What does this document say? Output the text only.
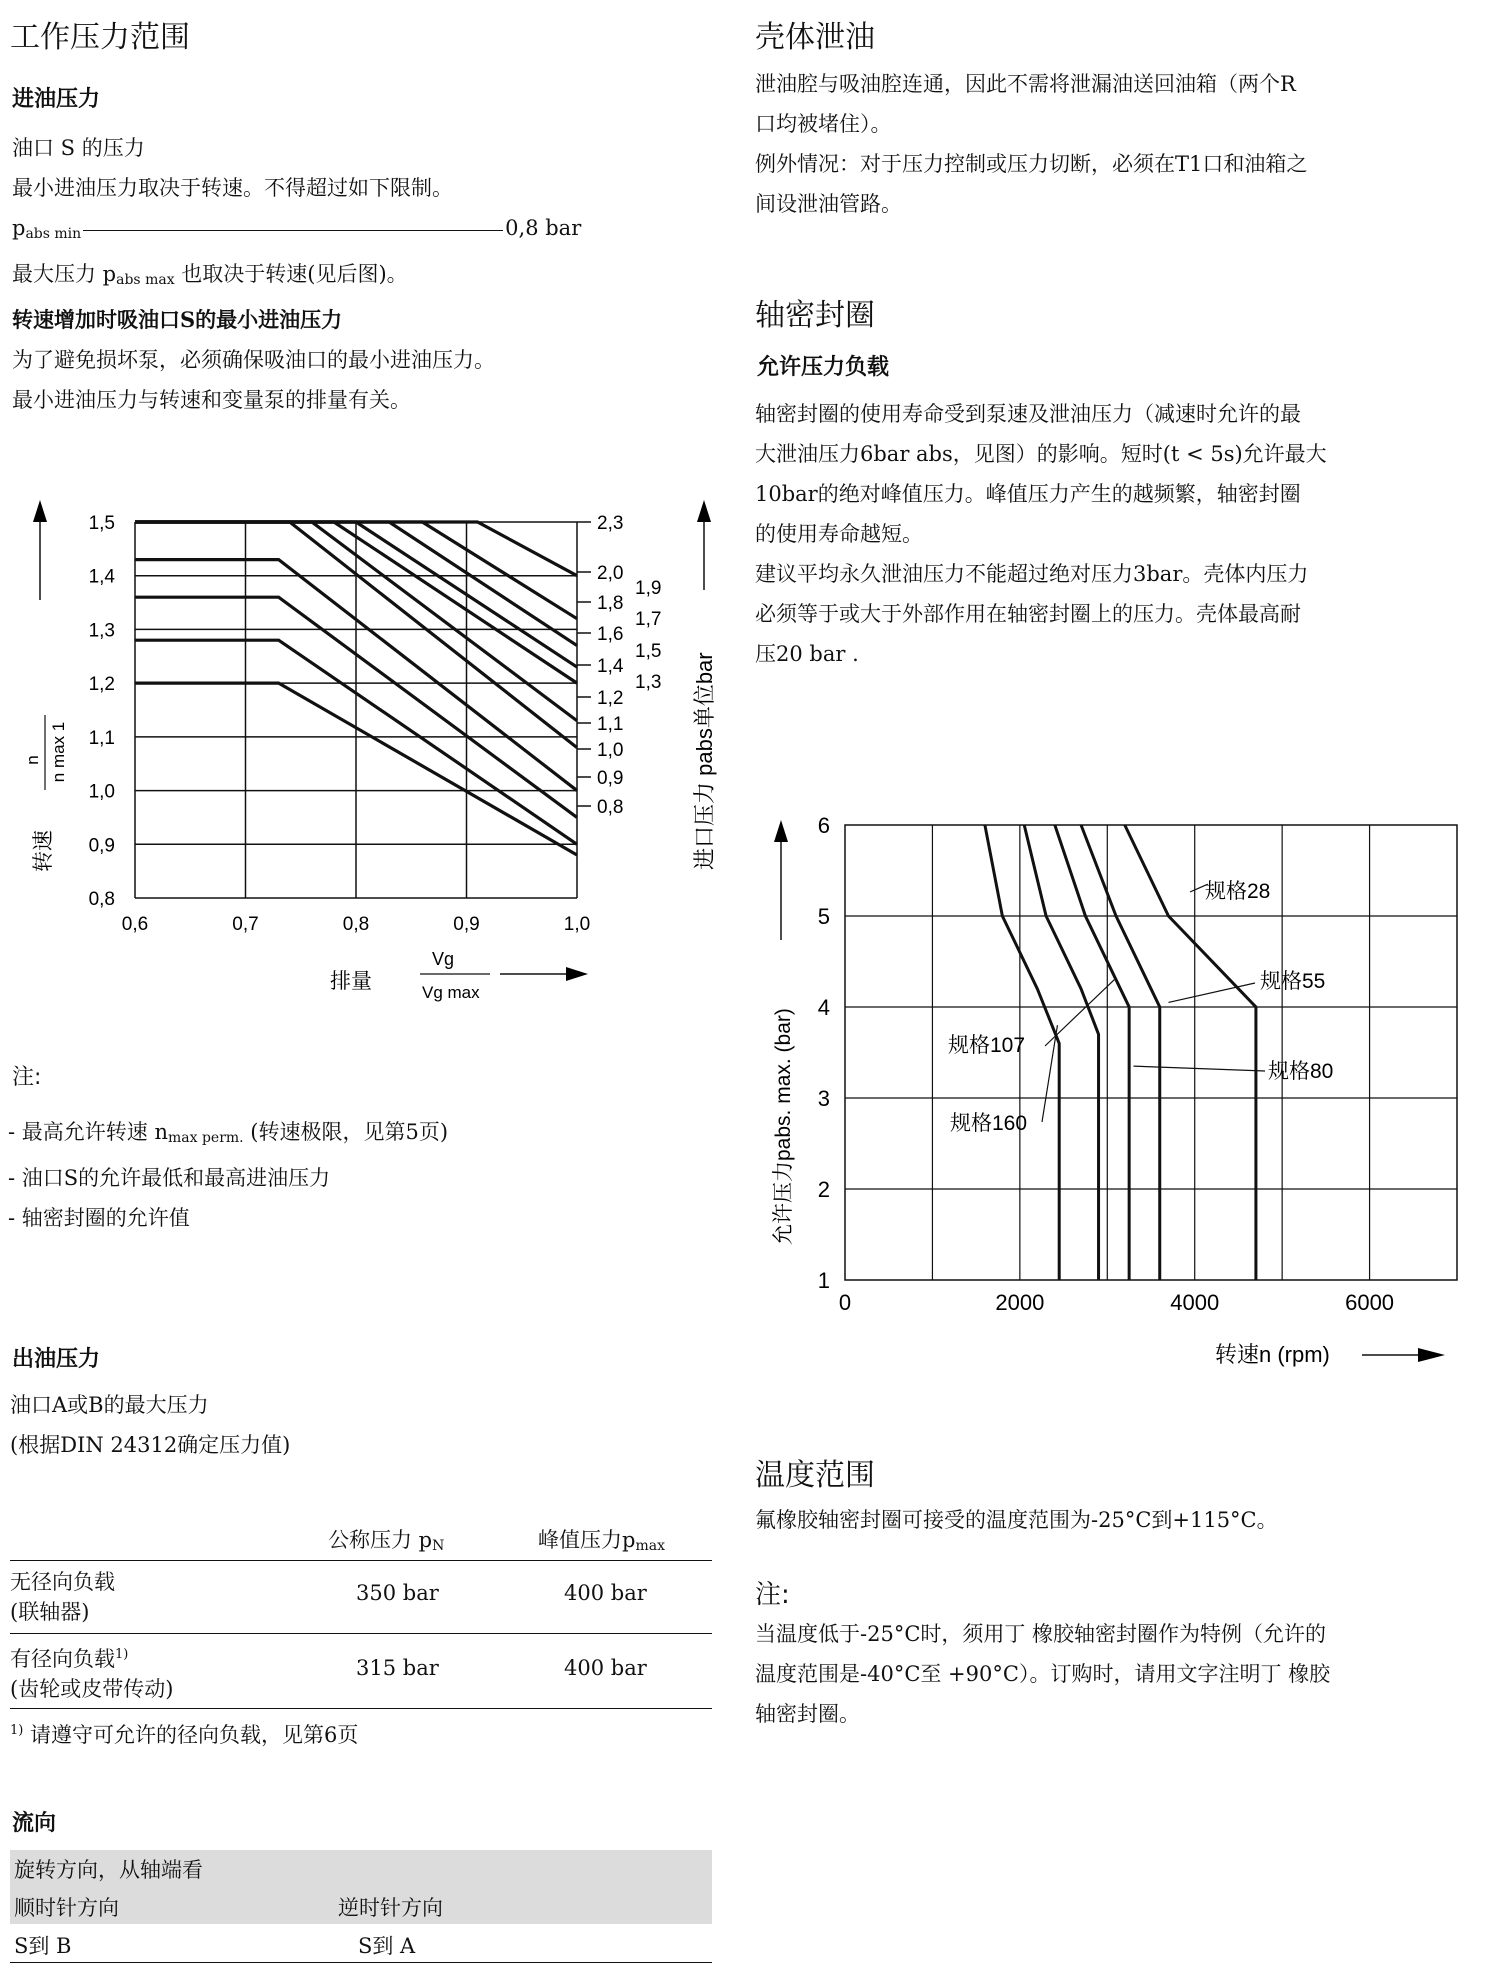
工作压力范围
进油压力
油口 S 的压力
最小进油压力取决于转速。不得超过如下限制。
$p_{abs min}$	0,8 bar
最大压力 $p_{abs max}$ 也取决于转速(见后图)。
转速增加时吸油口S的最小进油压力
为了避免损坏泵，必须确保吸油口的最小进油压力。
最小进油压力与转速和变量泵的排量有关。
0,6	0,7	0,8	0,9	1,0
0,8
0,9
1,0
1,1
1,2
1,3
1,4
1,5	2,3
2,0
1,8
1,6
1,4
1,2
1,1
1,0
0,9
0,8
1,9
1,7
1,5
1,3
转速
n n max 1	进口压力 pabs单位bar
排量
Vg
Vg max
注:
- 最高允许转速 $n_{max perm.}$ (转速极限，见第5页)
- 油口S的允许最低和最高进油压力
- 轴密封圈的允许值
出油压力
油口A或B的最大压力
(根据DIN 24312确定压力值)
公称压力 $p_N$	峰值压力$p_{max}$
无径向负载
(联轴器)
350 bar	400 bar
有径向负载$^{1)}$
(齿轮或皮带传动)
315 bar	400 bar
$^{1)}$ 请遵守可允许的径向负载，见第6页
流向
旋转方向，从轴端看
顺时针方向	逆时针方向
S到 B	S到 A
壳体泄油
泄油腔与吸油腔连通，因此不需将泄漏油送回油箱（两个R
口均被堵住）。
例外情况：对于压力控制或压力切断，必须在T1口和油箱之
间设泄油管路。
轴密封圈
允许压力负载
轴密封圈的使用寿命受到泵速及泄油压力（减速时允许的最
大泄油压力6bar abs，见图）的影响。短时(t < 5s)允许最大
10bar的绝对峰值压力。峰值压力产生的越频繁，轴密封圈
的使用寿命越短。
建议平均永久泄油压力不能超过绝对压力3bar。壳体内压力
必须等于或大于外部作用在轴密封圈上的压力。壳体最高耐
压20 bar .
0	2000	4000	6000
1
2
3
4
5
6
规格28
规格55
规格107
规格80
规格160
允许压力pabs. max. (bar)
转速n (rpm)
温度范围
氟橡胶轴密封圈可接受的温度范围为-25°C到+115°C。
注:
当温度低于-25°C时，须用丁 橡胶轴密封圈作为特例（允许的
温度范围是-40°C至 +90°C）。订购时，请用文字注明丁 橡胶
轴密封圈。
